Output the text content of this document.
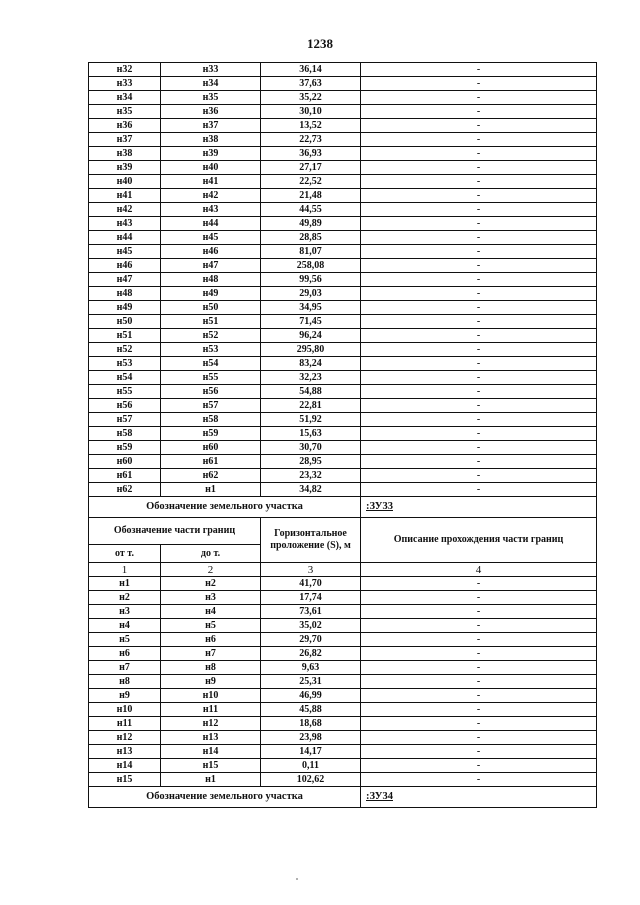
1238
н32	н33	36,14	-
н33	н34	37,63	-
н34	н35	35,22	-
н35	н36	30,10	-
н36	н37	13,52	-
н37	н38	22,73	-
н38	н39	36,93	-
н39	н40	27,17	-
н40	н41	22,52	-
н41	н42	21,48	-
н42	н43	44,55	-
н43	н44	49,89	-
н44	н45	28,85	-
н45	н46	81,07	-
н46	н47	258,08	-
н47	н48	99,56	-
н48	н49	29,03	-
н49	н50	34,95	-
н50	н51	71,45	-
н51	н52	96,24	-
н52	н53	295,80	-
н53	н54	83,24	-
н54	н55	32,23	-
н55	н56	54,88	-
н56	н57	22,81	-
н57	н58	51,92	-
н58	н59	15,63	-
н59	н60	30,70	-
н60	н61	28,95	-
н61	н62	23,32	-
н62	н1	34,82	-
Обозначение земельного участка			:ЗУ33
Обозначение части границ		Горизонтальное проложение (S), м	Описание прохождения части границ
от т.	до т.		
1	2	3	4
н1	н2	41,70	-
н2	н3	17,74	-
н3	н4	73,61	-
н4	н5	35,02	-
н5	н6	29,70	-
н6	н7	26,82	-
н7	н8	9,63	-
н8	н9	25,31	-
н9	н10	46,99	-
н10	н11	45,88	-
н11	н12	18,68	-
н12	н13	23,98	-
н13	н14	14,17	-
н14	н15	0,11	-
н15	н1	102,62	-
Обозначение земельного участка			:ЗУ34
